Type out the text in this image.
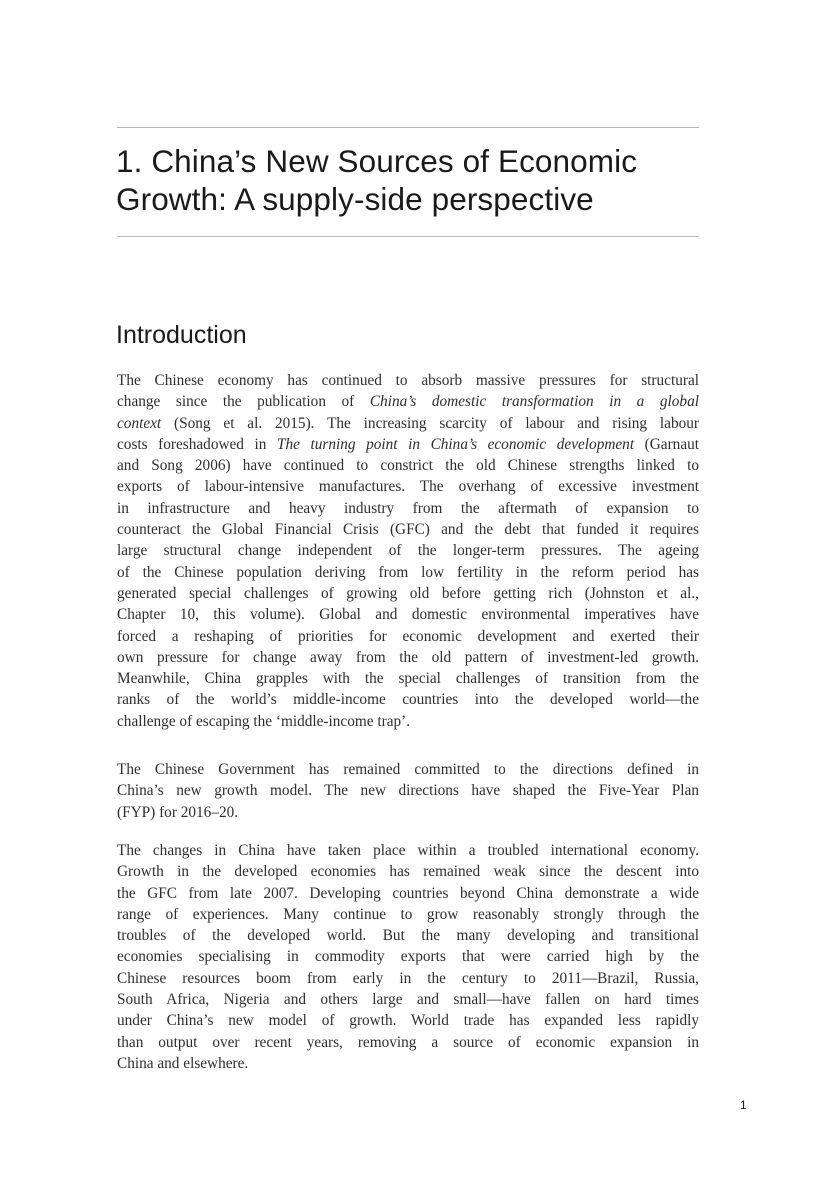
1. China’s New Sources of Economic
Growth: A supply-side perspective
Introduction
The Chinese economy has continued to absorb massive pressures for structural
change since the publication of China’s domestic transformation in a global
context (Song et al. 2015). The increasing scarcity of labour and rising labour
costs foreshadowed in The turning point in China’s economic development (Garnaut
and Song 2006) have continued to constrict the old Chinese strengths linked to
exports of labour-intensive manufactures. The overhang of excessive investment
in infrastructure and heavy industry from the aftermath of expansion to
counteract the Global Financial Crisis (GFC) and the debt that funded it requires
large structural change independent of the longer-term pressures. The ageing
of the Chinese population deriving from low fertility in the reform period has
generated special challenges of growing old before getting rich (Johnston et al.,
Chapter 10, this volume). Global and domestic environmental imperatives have
forced a reshaping of priorities for economic development and exerted their
own pressure for change away from the old pattern of investment-led growth.
Meanwhile, China grapples with the special challenges of transition from the
ranks of the world’s middle-income countries into the developed world—the
challenge of escaping the ‘middle-income trap’.
The Chinese Government has remained committed to the directions defined in
China’s new growth model. The new directions have shaped the Five-Year Plan
(FYP) for 2016–20.
The changes in China have taken place within a troubled international economy.
Growth in the developed economies has remained weak since the descent into
the GFC from late 2007. Developing countries beyond China demonstrate a wide
range of experiences. Many continue to grow reasonably strongly through the
troubles of the developed world. But the many developing and transitional
economies specialising in commodity exports that were carried high by the
Chinese resources boom from early in the century to 2011—Brazil, Russia,
South Africa, Nigeria and others large and small—have fallen on hard times
under China’s new model of growth. World trade has expanded less rapidly
than output over recent years, removing a source of economic expansion in
China and elsewhere.
1
